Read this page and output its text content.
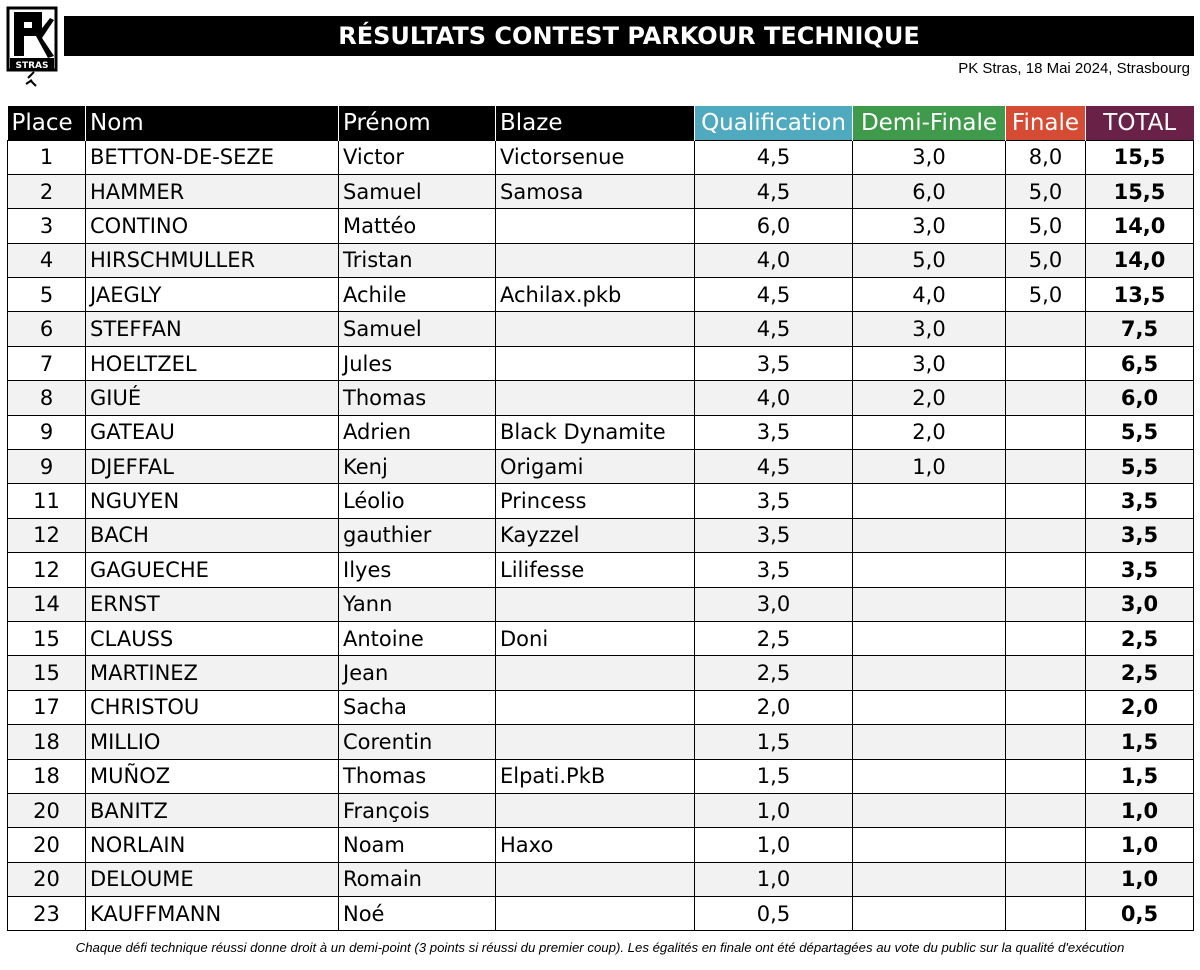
STRAS
RÉSULTATS CONTEST PARKOUR TECHNIQUE
PK Stras, 18 Mai 2024, Strasbourg
Place	Nom	Prénom	Blaze	Qualification	Demi-Finale	Finale	TOTAL
1	BETTON-DE-SEZE	Victor	Victorsenue	4,5	3,0	8,0	15,5
2	HAMMER	Samuel	Samosa	4,5	6,0	5,0	15,5
3	CONTINO	Mattéo		6,0	3,0	5,0	14,0
4	HIRSCHMULLER	Tristan		4,0	5,0	5,0	14,0
5	JAEGLY	Achile	Achilax.pkb	4,5	4,0	5,0	13,5
6	STEFFAN	Samuel		4,5	3,0		7,5
7	HOELTZEL	Jules		3,5	3,0		6,5
8	GIUÉ	Thomas		4,0	2,0		6,0
9	GATEAU	Adrien	Black Dynamite	3,5	2,0		5,5
9	DJEFFAL	Kenj	Origami	4,5	1,0		5,5
11	NGUYEN	Léolio	Princess	3,5			3,5
12	BACH	gauthier	Kayzzel	3,5			3,5
12	GAGUECHE	Ilyes	Lilifesse	3,5			3,5
14	ERNST	Yann		3,0			3,0
15	CLAUSS	Antoine	Doni	2,5			2,5
15	MARTINEZ	Jean		2,5			2,5
17	CHRISTOU	Sacha		2,0			2,0
18	MILLIO	Corentin		1,5			1,5
18	MUÑOZ	Thomas	Elpati.PkB	1,5			1,5
20	BANITZ	François		1,0			1,0
20	NORLAIN	Noam	Haxo	1,0			1,0
20	DELOUME	Romain		1,0			1,0
23	KAUFFMANN	Noé		0,5			0,5
Chaque défi technique réussi donne droit à un demi-point (3 points si réussi du premier coup). Les égalités en finale ont été départagées au vote du public sur la qualité d'exécution
